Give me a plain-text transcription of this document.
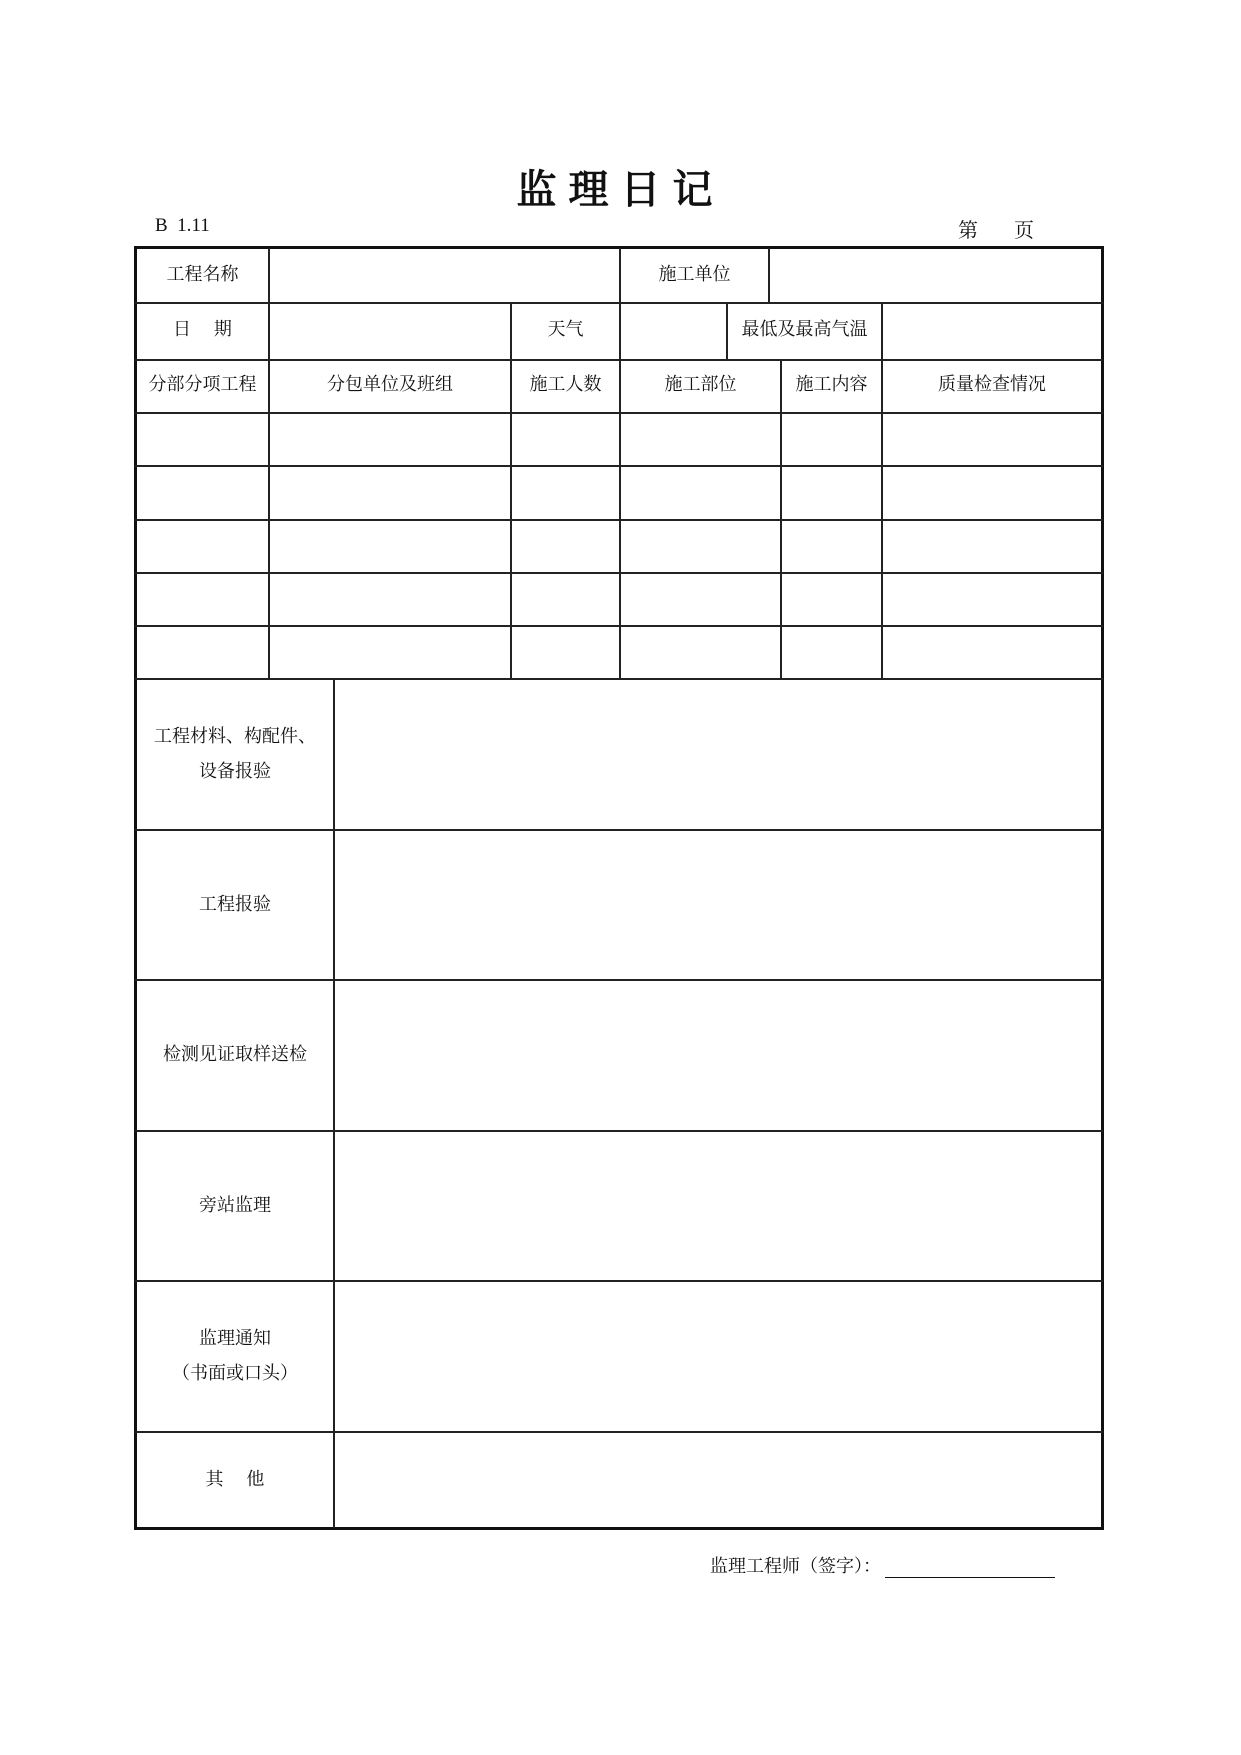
监理日记
B  1.11	第 页
工程名称	施工单位
日    期	天气	最低及最高气温
分部分项工程	分包单位及班组	施工人数	施工部位	施工内容	质量检查情况
工程材料、构配件、
设备报验
工程报验
检测见证取样送检
旁站监理
监理通知
（书面或口头）
其    他
监理工程师（签字）：
